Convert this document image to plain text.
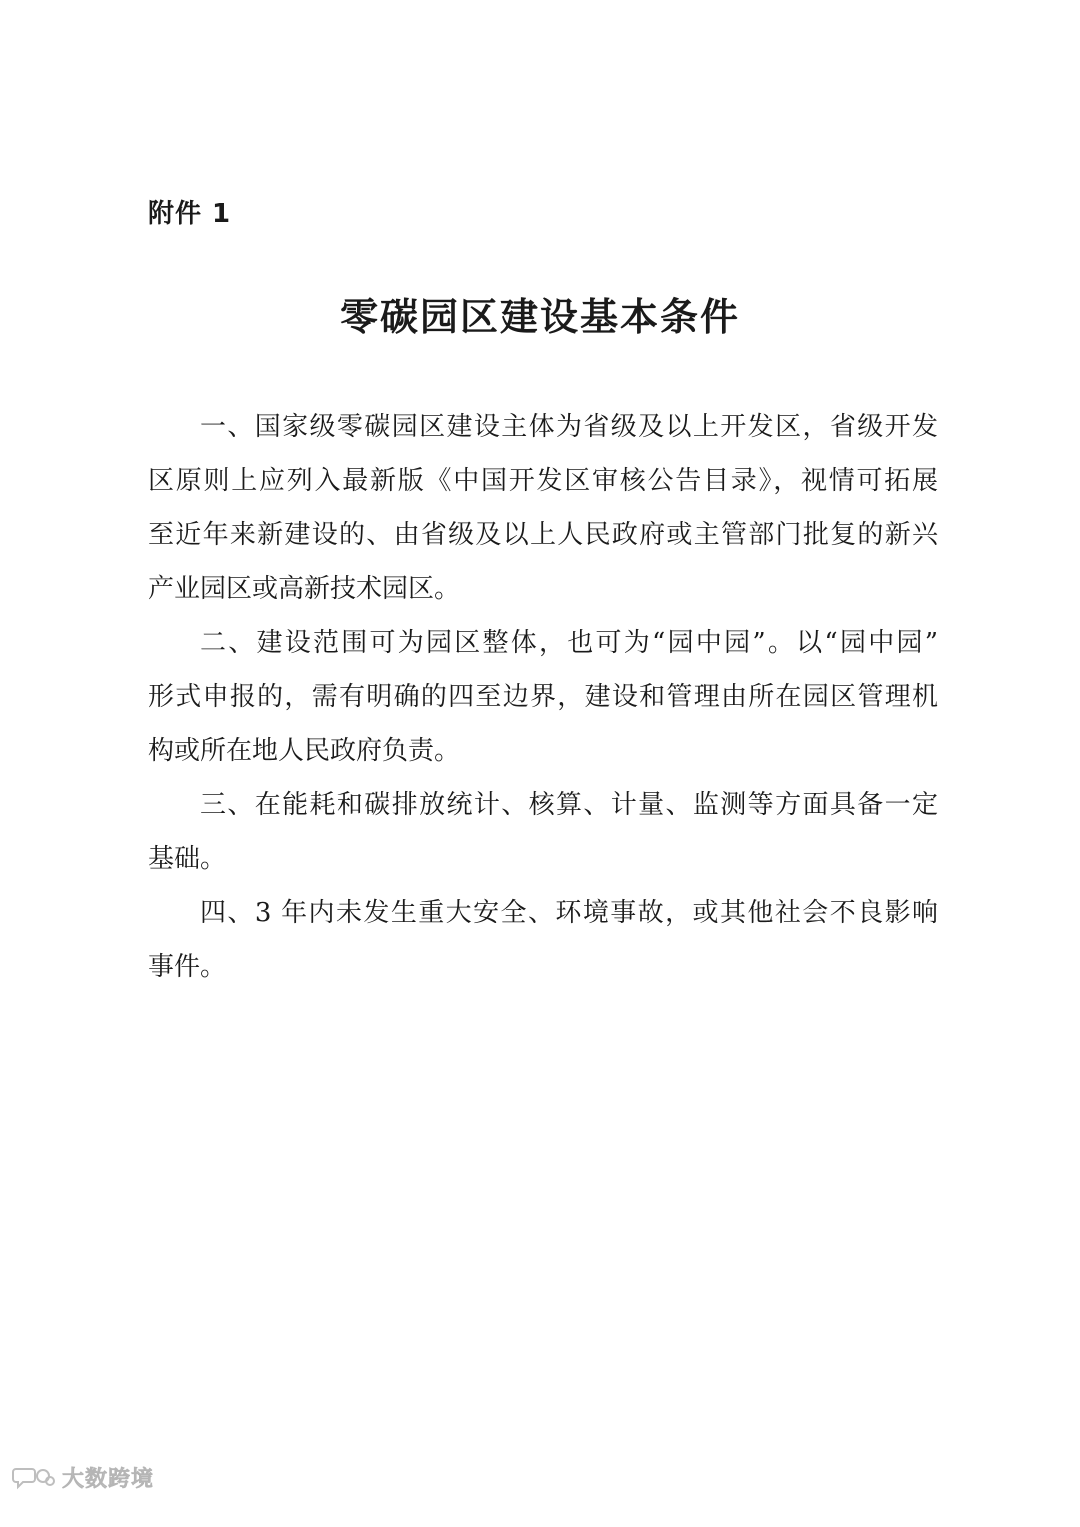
附件 1
零碳园区建设基本条件
一、国家级零碳园区建设主体为省级及以上开发区，省级开发
区原则上应列入最新版《中国开发区审核公告目录》，视情可拓展
至近年来新建设的、由省级及以上人民政府或主管部门批复的新兴
产业园区或高新技术园区。
二、建设范围可为园区整体，也可为“园中园”。以“园中园”
形式申报的，需有明确的四至边界，建设和管理由所在园区管理机
构或所在地人民政府负责。
三、在能耗和碳排放统计、核算、计量、监测等方面具备一定
基础。
四、3 年内未发生重大安全、环境事故，或其他社会不良影响
事件。
大数跨境
